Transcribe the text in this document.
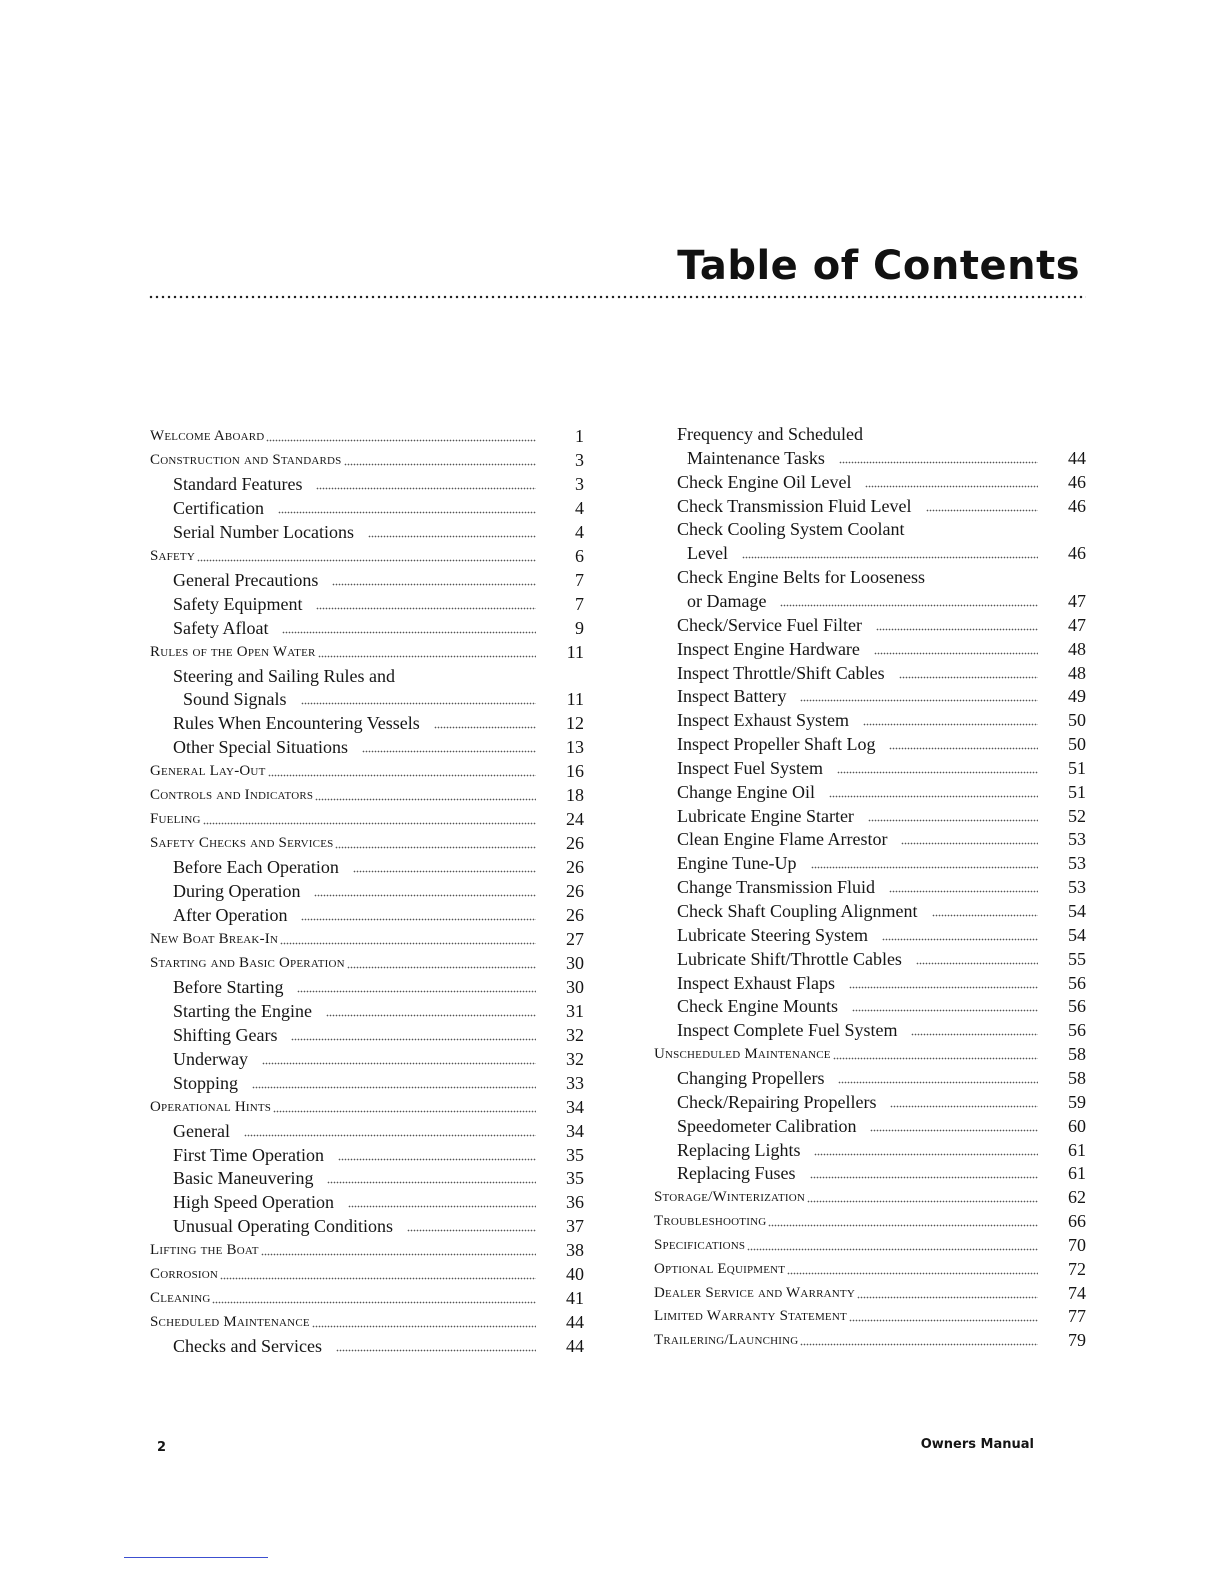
Table of Contents
Welcome Aboard	1
Construction and Standards	3
Standard Features	3
Certification	4
Serial Number Locations	4
Safety	6
General Precautions	7
Safety Equipment	7
Safety Afloat	9
Rules of the Open Water	11
Steering and Sailing Rules and
Sound Signals	11
Rules When Encountering Vessels	12
Other Special Situations	13
General Lay-Out	16
Controls and Indicators	18
Fueling	24
Safety Checks and Services	26
Before Each Operation	26
During Operation	26
After Operation	26
New Boat Break-In	27
Starting and Basic Operation	30
Before Starting	30
Starting the Engine	31
Shifting Gears	32
Underway	32
Stopping	33
Operational Hints	34
General	34
First Time Operation	35
Basic Maneuvering	35
High Speed Operation	36
Unusual Operating Conditions	37
Lifting the Boat	38
Corrosion	40
Cleaning	41
Scheduled Maintenance	44
Checks and Services	44
Frequency and Scheduled
Maintenance Tasks	44
Check Engine Oil Level	46
Check Transmission Fluid Level	46
Check Cooling System Coolant
Level	46
Check Engine Belts for Looseness
or Damage	47
Check/Service Fuel Filter	47
Inspect Engine Hardware	48
Inspect Throttle/Shift Cables	48
Inspect Battery	49
Inspect Exhaust System	50
Inspect Propeller Shaft Log	50
Inspect Fuel System	51
Change Engine Oil	51
Lubricate Engine Starter	52
Clean Engine Flame Arrestor	53
Engine Tune-Up	53
Change Transmission Fluid	53
Check Shaft Coupling Alignment	54
Lubricate Steering System	54
Lubricate Shift/Throttle Cables	55
Inspect Exhaust Flaps	56
Check Engine Mounts	56
Inspect Complete Fuel System	56
Unscheduled Maintenance	58
Changing Propellers	58
Check/Repairing Propellers	59
Speedometer Calibration	60
Replacing Lights	61
Replacing Fuses	61
Storage/Winterization	62
Troubleshooting	66
Specifications	70
Optional Equipment	72
Dealer Service and Warranty	74
Limited Warranty Statement	77
Trailering/Launching	79
2	Owners Manual
